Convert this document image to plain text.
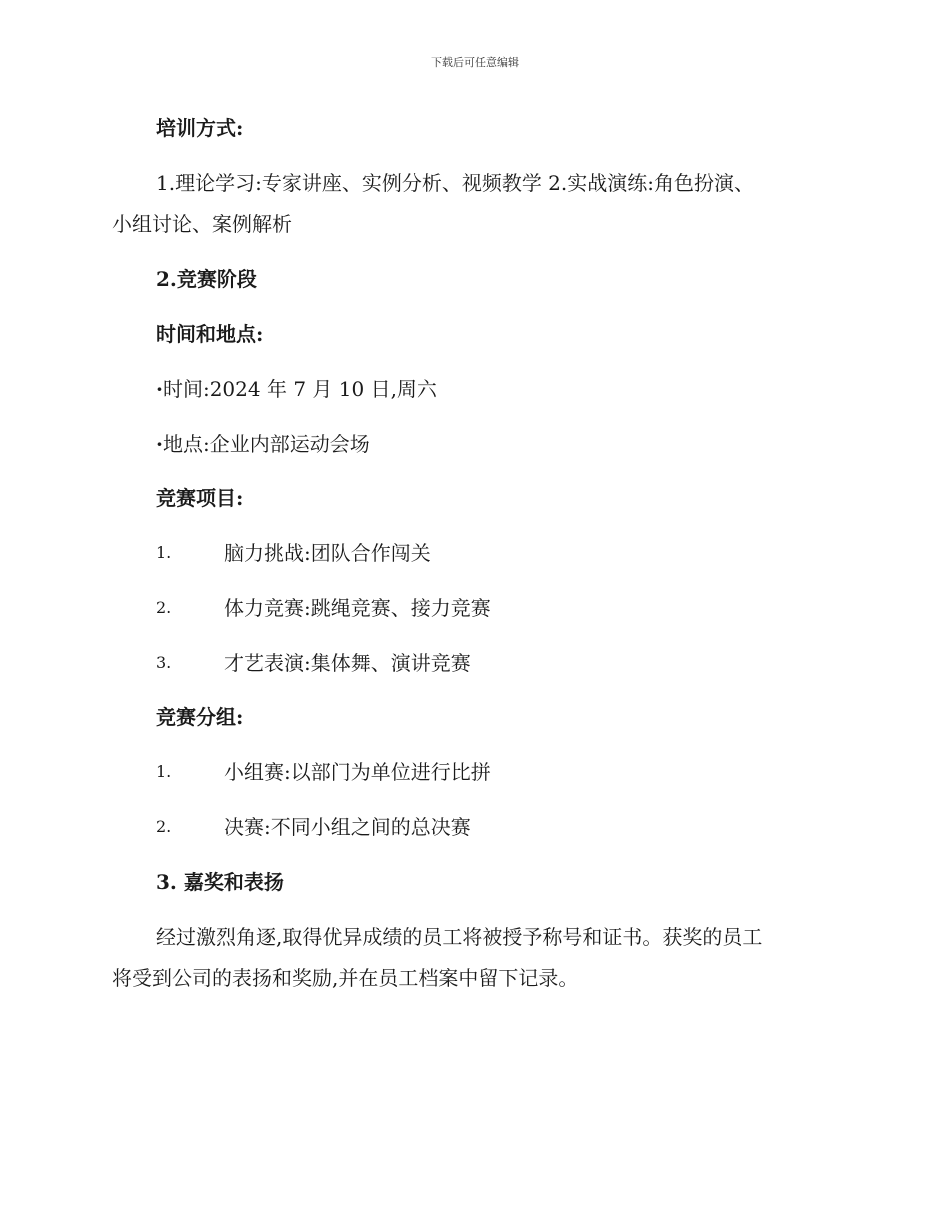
下载后可任意编辑
培训方式:
1.理论学习:专家讲座、实例分析、视频教学 2.实战演练:角色扮演、
小组讨论、案例解析
2.竞赛阶段
时间和地点:
·时间:2024 年 7 月 10 日,周六
·地点:企业内部运动会场
竞赛项目:
1.	脑力挑战:团队合作闯关
2.	体力竞赛:跳绳竞赛、接力竞赛
3.	才艺表演:集体舞、演讲竞赛
竞赛分组:
1.	小组赛:以部门为单位进行比拼
2.	决赛:不同小组之间的总决赛
3. 嘉奖和表扬
经过激烈角逐,取得优异成绩的员工将被授予称号和证书。获奖的员工
将受到公司的表扬和奖励,并在员工档案中留下记录。
